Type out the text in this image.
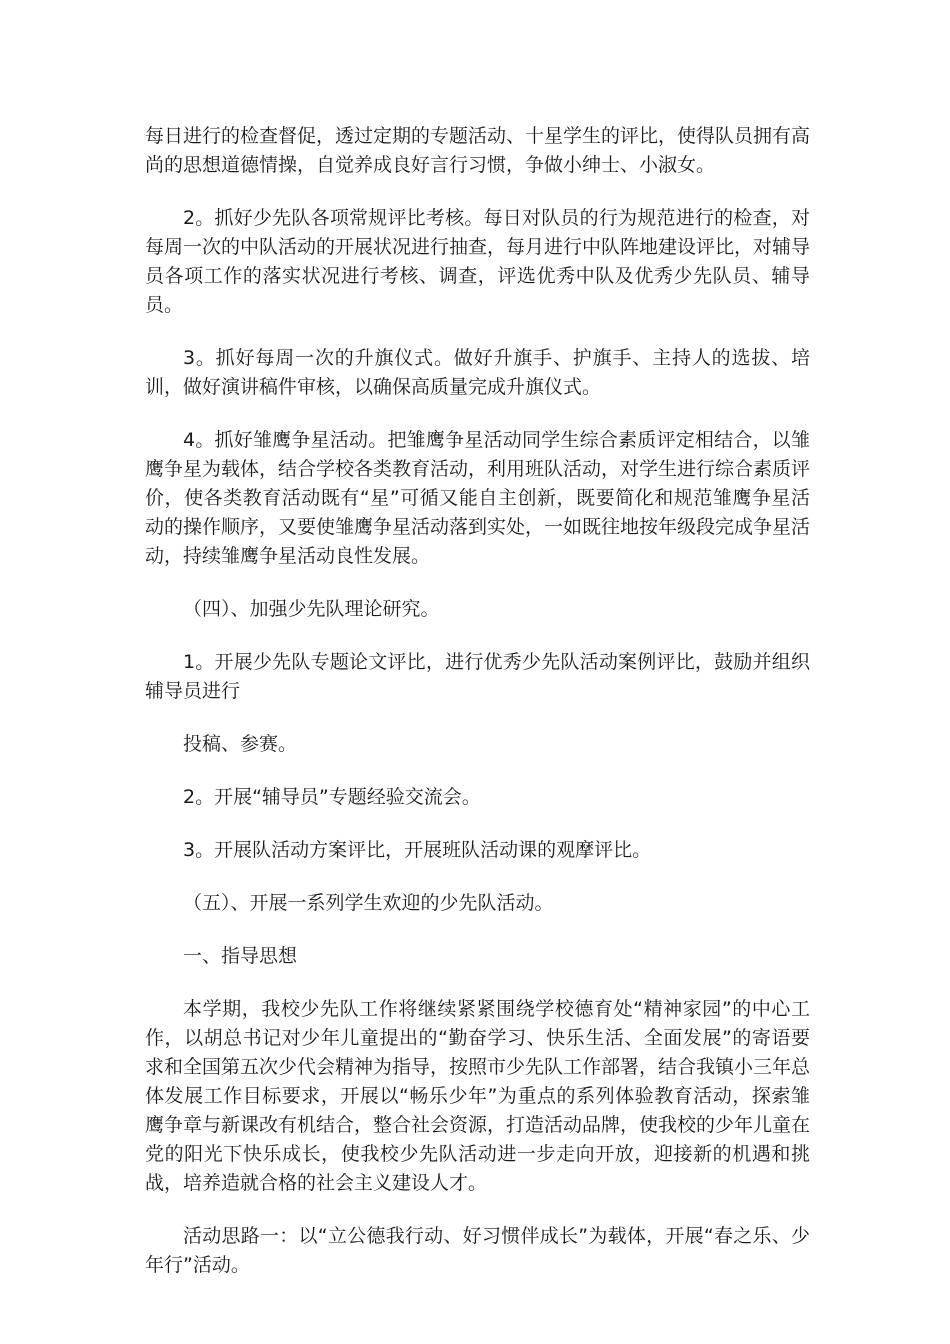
每日进行的检查督促，透过定期的专题活动、十星学生的评比，使得队员拥有高尚的思想道德情操，自觉养成良好言行习惯，争做小绅士、小淑女。

2。抓好少先队各项常规评比考核。每日对队员的行为规范进行的检查，对每周一次的中队活动的开展状况进行抽查，每月进行中队阵地建设评比，对辅导员各项工作的落实状况进行考核、调查，评选优秀中队及优秀少先队员、辅导员。

3。抓好每周一次的升旗仪式。做好升旗手、护旗手、主持人的选拔、培训，做好演讲稿件审核，以确保高质量完成升旗仪式。

4。抓好雏鹰争星活动。把雏鹰争星活动同学生综合素质评定相结合，以雏鹰争星为载体，结合学校各类教育活动，利用班队活动，对学生进行综合素质评价，使各类教育活动既有“星”可循又能自主创新，既要简化和规范雏鹰争星活动的操作顺序，又要使雏鹰争星活动落到实处，一如既往地按年级段完成争星活动，持续雏鹰争星活动良性发展。

（四）、加强少先队理论研究。

1。开展少先队专题论文评比，进行优秀少先队活动案例评比，鼓励并组织辅导员进行

投稿、参赛。

2。开展“辅导员”专题经验交流会。

3。开展队活动方案评比，开展班队活动课的观摩评比。

（五）、开展一系列学生欢迎的少先队活动。

一、指导思想

本学期，我校少先队工作将继续紧紧围绕学校德育处“精神家园”的中心工作，以胡总书记对少年儿童提出的“勤奋学习、快乐生活、全面发展”的寄语要求和全国第五次少代会精神为指导，按照市少先队工作部署，结合我镇小三年总体发展工作目标要求，开展以“畅乐少年”为重点的系列体验教育活动，探索雏鹰争章与新课改有机结合，整合社会资源，打造活动品牌，使我校的少年儿童在党的阳光下快乐成长，使我校少先队活动进一步走向开放，迎接新的机遇和挑战，培养造就合格的社会主义建设人才。

活动思路一：以“立公德我行动、好习惯伴成长”为载体，开展“春之乐、少年行”活动。
